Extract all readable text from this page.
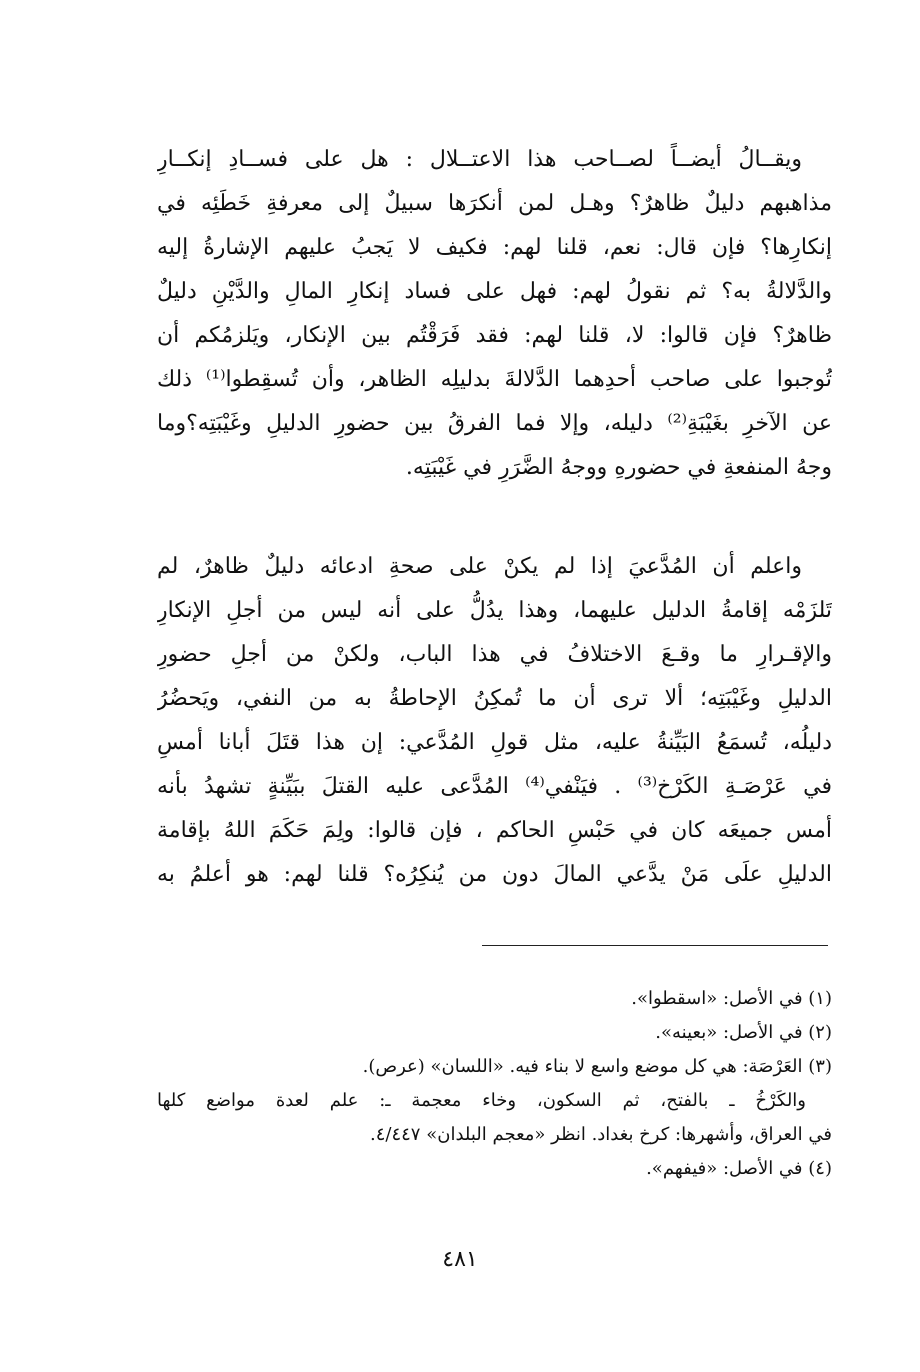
ويقــالُ أيضــاً لصــاحب هذا الاعتــلال : هل على فســادِ إنكــارِ
مذاهبهم دليلٌ ظاهرٌ؟ وهـل لمن أنكرَها سبيلٌ إلى معرفةِ خَطَئِه في
إنكارِها؟ فإن قال: نعم، قلنا لهم: فكيف لا يَجبُ عليهم الإشارةُ إليه
والدَّلالةُ به؟ ثم نقولُ لهم: فهل على فساد إنكارِ المالِ والدَّيْنِ دليلٌ
ظاهرٌ؟ فإن قالوا: لا، قلنا لهم: فقد فَرَقْتُم بين الإنكار، ويَلزمُكم أن
تُوجبوا على صاحب أحدِهما الدَّلالةَ بدليلِه الظاهر، وأن تُسقِطوا⁽¹⁾ ذلك
عن الآخرِ بغَيْبَةِ⁽²⁾ دليله، وإلا فما الفرقُ بين حضورِ الدليلِ وغَيْبَتِه؟وما
وجهُ المنفعةِ في حضورهِ ووجهُ الضَّرَرِ في غَيْبَتِه.
واعلم أن المُدَّعيَ إذا لم يكنْ على صحةِ ادعائه دليلٌ ظاهرٌ، لم
تَلزَمْه إقامةُ الدليل عليهما، وهذا يدُلُّ على أنه ليس من أجلِ الإنكارِ
والإقـرارِ ما وقـعَ الاختلافُ في هذا الباب، ولكنْ من أجلِ حضورِ
الدليلِ وغَيْبَتِه؛ ألا ترى أن ما تُمكِنُ الإحاطةُ به من النفي، ويَحضُرُ
دليلُه، تُسمَعُ البَيِّنةُ عليه، مثل قولِ المُدَّعي: إن هذا قتَلَ أبانا أمسِ
في عَرْصَـةِ الكَرْخ⁽³⁾ . فيَنْفي⁽⁴⁾ المُدَّعى عليه القتلَ ببَيِّنةٍ تشهدُ بأنه
أمس جميعَه كان في حَبْسِ الحاكم ، فإن قالوا: ولِمَ حَكَمَ اللهُ بإقامة
الدليلِ علَى مَنْ يدَّعي المالَ دون من يُنكِرُه؟ قلنا لهم: هو أعلمُ به
(١) في الأصل: «اسقطوا».
(٢) في الأصل: «بعينه».
(٣) العَرْصَة: هي كل موضع واسع لا بناء فيه. «اللسان» (عرص).
والكَرْخُ ـ بالفتح، ثم السكون، وخاء معجمة ـ: علم لعدة مواضع كلها
في العراق، وأشهرها: كرخ بغداد. انظر «معجم البلدان» ٤/٤٤٧.
(٤) في الأصل: «فيفهم».
٤٨١
